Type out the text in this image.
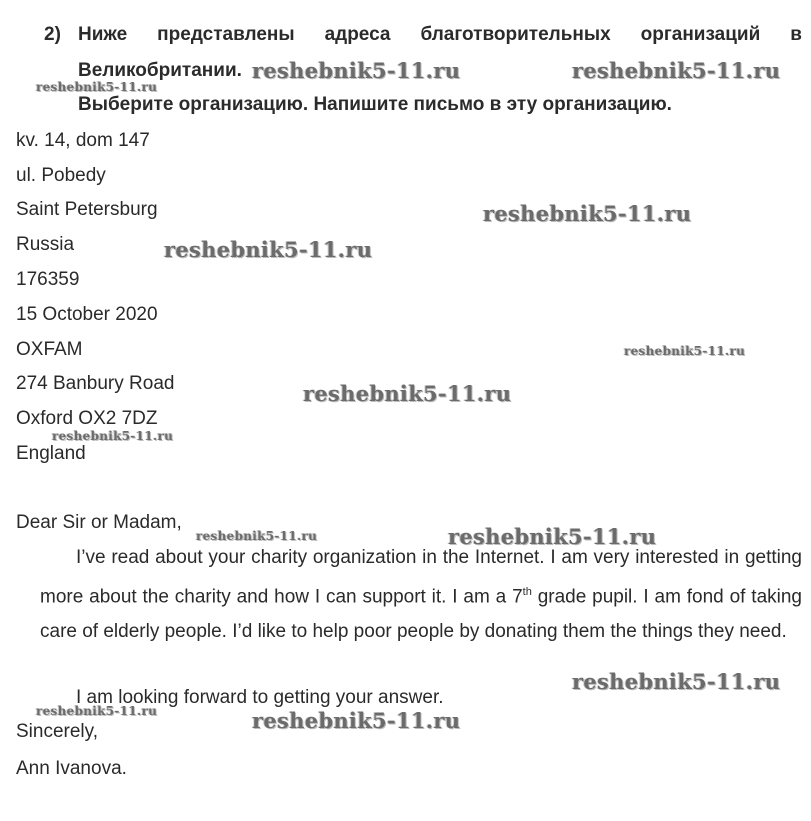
2) Ниже представлены адреса благотворительных организаций в
Великобритании.
Выберите организацию. Напишите письмо в эту организацию.
kv. 14, dom 147
ul. Pobedy
Saint Petersburg
Russia
176359
15 October 2020
OXFAM
274 Banbury Road
Oxford OX2 7DZ
England
Dear Sir or Madam,
I’ve read about your charity organization in the Internet. I am very interested in getting more about the charity and how I can support it. I am a 7th grade pupil. I am fond of taking care of elderly people. I’d like to help poor people by donating them the things they need.
I am looking forward to getting your answer.
Sincerely,
Ann Ivanova.
reshebnik5-11.ru	reshebnik5-11.ru
reshebnik5-11.ru
reshebnik5-11.ru
reshebnik5-11.ru
reshebnik5-11.ru
reshebnik5-11.ru
reshebnik5-11.ru
reshebnik5-11.ru	reshebnik5-11.ru
reshebnik5-11.ru
reshebnik5-11.ru	reshebnik5-11.ru
